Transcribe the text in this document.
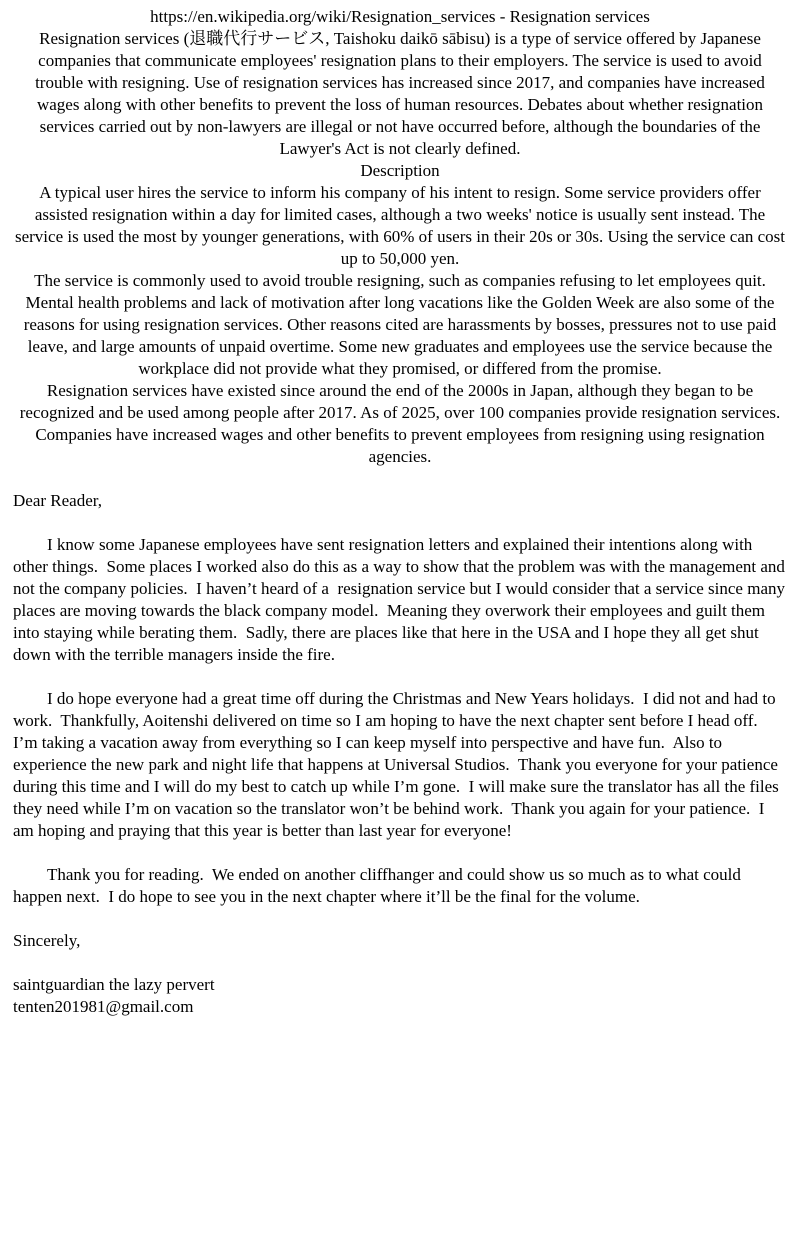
https://en.wikipedia.org/wiki/Resignation_services - Resignation services

Resignation services (退職代行サービス, Taishoku daikō sābisu) is a type of service offered by Japanese companies that communicate employees' resignation plans to their employers. The service is used to avoid trouble with resigning. Use of resignation services has increased since 2017, and companies have increased wages along with other benefits to prevent the loss of human resources. Debates about whether resignation services carried out by non-lawyers are illegal or not have occurred before, although the boundaries of the Lawyer's Act is not clearly defined.

Description

A typical user hires the service to inform his company of his intent to resign. Some service providers offer assisted resignation within a day for limited cases, although a two weeks' notice is usually sent instead. The service is used the most by younger generations, with 60% of users in their 20s or 30s. Using the service can cost up to 50,000 yen.

The service is commonly used to avoid trouble resigning, such as companies refusing to let employees quit. Mental health problems and lack of motivation after long vacations like the Golden Week are also some of the reasons for using resignation services. Other reasons cited are harassments by bosses, pressures not to use paid leave, and large amounts of unpaid overtime. Some new graduates and employees use the service because the workplace did not provide what they promised, or differed from the promise.

Resignation services have existed since around the end of the 2000s in Japan, although they began to be recognized and be used among people after 2017. As of 2025, over 100 companies provide resignation services. Companies have increased wages and other benefits to prevent employees from resigning using resignation agencies.

Dear Reader,

I know some Japanese employees have sent resignation letters and explained their intentions along with other things.  Some places I worked also do this as a way to show that the problem was with the management and not the company policies.  I haven’t heard of a  resignation service but I would consider that a service since many places are moving towards the black company model.  Meaning they overwork their employees and guilt them into staying while berating them.  Sadly, there are places like that here in the USA and I hope they all get shut down with the terrible managers inside the fire.

I do hope everyone had a great time off during the Christmas and New Years holidays.  I did not and had to work.  Thankfully, Aoitenshi delivered on time so I am hoping to have the next chapter sent before I head off.  I’m taking a vacation away from everything so I can keep myself into perspective and have fun.  Also to experience the new park and night life that happens at Universal Studios.  Thank you everyone for your patience during this time and I will do my best to catch up while I’m gone.  I will make sure the translator has all the files they need while I’m on vacation so the translator won’t be behind work.  Thank you again for your patience.  I am hoping and praying that this year is better than last year for everyone!

Thank you for reading.  We ended on another cliffhanger and could show us so much as to what could happen next.  I do hope to see you in the next chapter where it’ll be the final for the volume.

Sincerely,

saintguardian the lazy pervert

tenten201981@gmail.com
